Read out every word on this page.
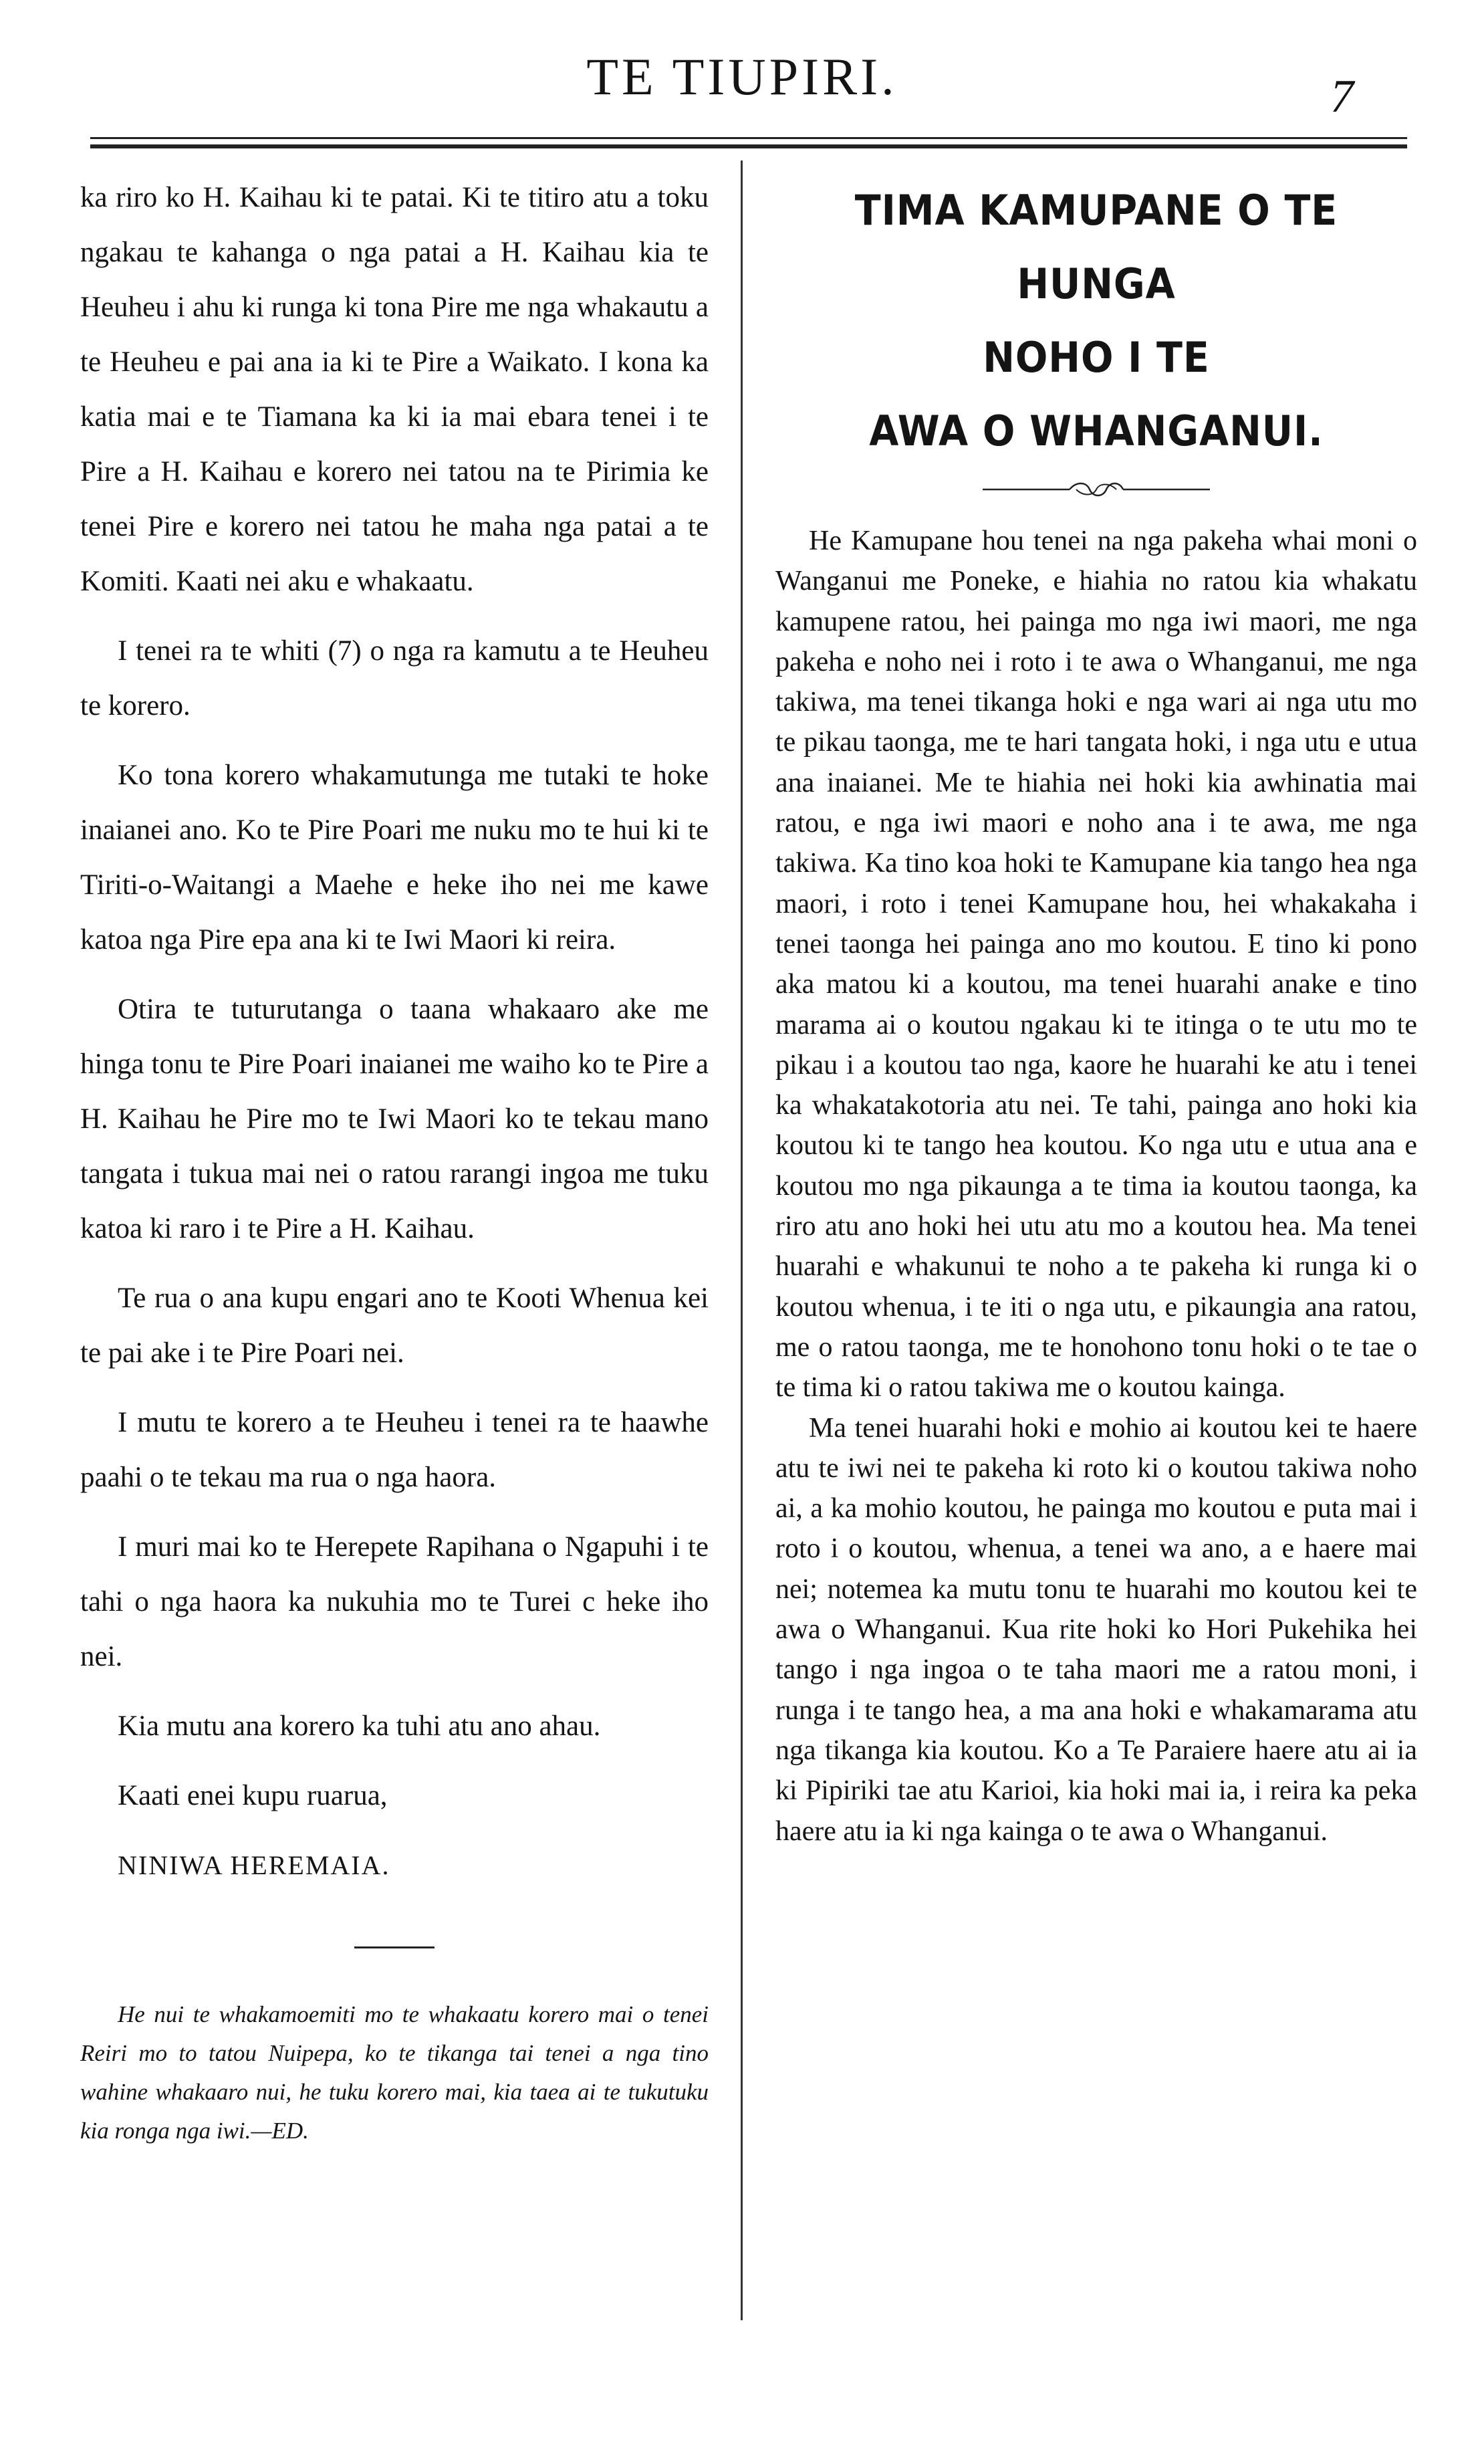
TE TIUPIRI.	7

ka riro ko H. Kaihau ki te patai. Ki te titiro atu a toku ngakau te kahanga o nga patai a H. Kaihau kia te Heuheu i ahu ki runga ki tona Pire me nga whakautu a te Heuheu e pai ana ia ki te Pire a Waikato. I kona ka katia mai e te Tiamana ka ki ia mai ebara tenei i te Pire a H. Kaihau e korero nei tatou na te Pirimia ke tenei Pire e korero nei tatou he maha nga patai a te Komiti. Kaati nei aku e whakaatu.

I tenei ra te whiti (7) o nga ra kamutu a te Heuheu te korero.

Ko tona korero whakamutunga me tutaki te hoke inaianei ano. Ko te Pire Poari me nuku mo te hui ki te Tiriti-o-Waitangi a Maehe e heke iho nei me kawe katoa nga Pire epa ana ki te Iwi Maori ki reira.

Otira te tuturutanga o taana whakaaro ake me hinga tonu te Pire Poari inaianei me waiho ko te Pire a H. Kaihau he Pire mo te Iwi Maori ko te tekau mano tangata i tukua mai nei o ratou rarangi ingoa me tuku katoa ki raro i te Pire a H. Kaihau.

Te rua o ana kupu engari ano te Kooti Whenua kei te pai ake i te Pire Poari nei.

I mutu te korero a te Heuheu i tenei ra te haawhe paahi o te tekau ma rua o nga haora.

I muri mai ko te Herepete Rapihana o Ngapuhi i te tahi o nga haora ka nukuhia mo te Turei c heke iho nei.

Kia mutu ana korero ka tuhi atu ano ahau.

Kaati enei kupu ruarua,

NINIWA HEREMAIA.

He nui te whakamoemiti mo te whakaatu korero mai o tenei Reiri mo to tatou Nuipepa, ko te tikanga tai tenei a nga tino wahine whakaaro nui, he tuku korero mai, kia taea ai te tukutuku kia ronga nga iwi.—ED.

TIMA KAMUPANE O TE HUNGA
NOHO I TE
AWA O WHANGANUI.

He Kamupane hou tenei na nga pakeha whai moni o Wanganui me Poneke, e hiahia no ratou kia whakatu kamupene ratou, hei painga mo nga iwi maori, me nga pakeha e noho nei i roto i te awa o Whanganui, me nga takiwa, ma tenei tikanga hoki e nga wari ai nga utu mo te pikau taonga, me te hari tangata hoki, i nga utu e utua ana inaianei. Me te hiahia nei hoki kia awhinatia mai ratou, e nga iwi maori e noho ana i te awa, me nga takiwa. Ka tino koa hoki te Kamupane kia tango hea nga maori, i roto i tenei Kamupane hou, hei whakakaha i tenei taonga hei painga ano mo koutou. E tino ki pono aka matou ki a koutou, ma tenei huarahi anake e tino marama ai o koutou ngakau ki te itinga o te utu mo te pikau i a koutou tao nga, kaore he huarahi ke atu i tenei ka whakatakotoria atu nei. Te tahi, painga ano hoki kia koutou ki te tango hea koutou. Ko nga utu e utua ana e koutou mo nga pikaunga a te tima ia koutou taonga, ka riro atu ano hoki hei utu atu mo a koutou hea. Ma tenei huarahi e whakunui te noho a te pakeha ki runga ki o koutou whenua, i te iti o nga utu, e pikaungia ana ratou, me o ratou taonga, me te honohono tonu hoki o te tae o te tima ki o ratou takiwa me o koutou kainga.

Ma tenei huarahi hoki e mohio ai koutou kei te haere atu te iwi nei te pakeha ki roto ki o koutou takiwa noho ai, a ka mohio koutou, he painga mo koutou e puta mai i roto i o koutou, whenua, a tenei wa ano, a e haere mai nei; notemea ka mutu tonu te huarahi mo koutou kei te awa o Whanganui. Kua rite hoki ko Hori Pukehika hei tango i nga ingoa o te taha maori me a ratou moni, i runga i te tango hea, a ma ana hoki e whakamarama atu nga tikanga kia koutou. Ko a Te Paraiere haere atu ai ia ki Pipiriki tae atu Karioi, kia hoki mai ia, i reira ka peka haere atu ia ki nga kainga o te awa o Whanganui.
